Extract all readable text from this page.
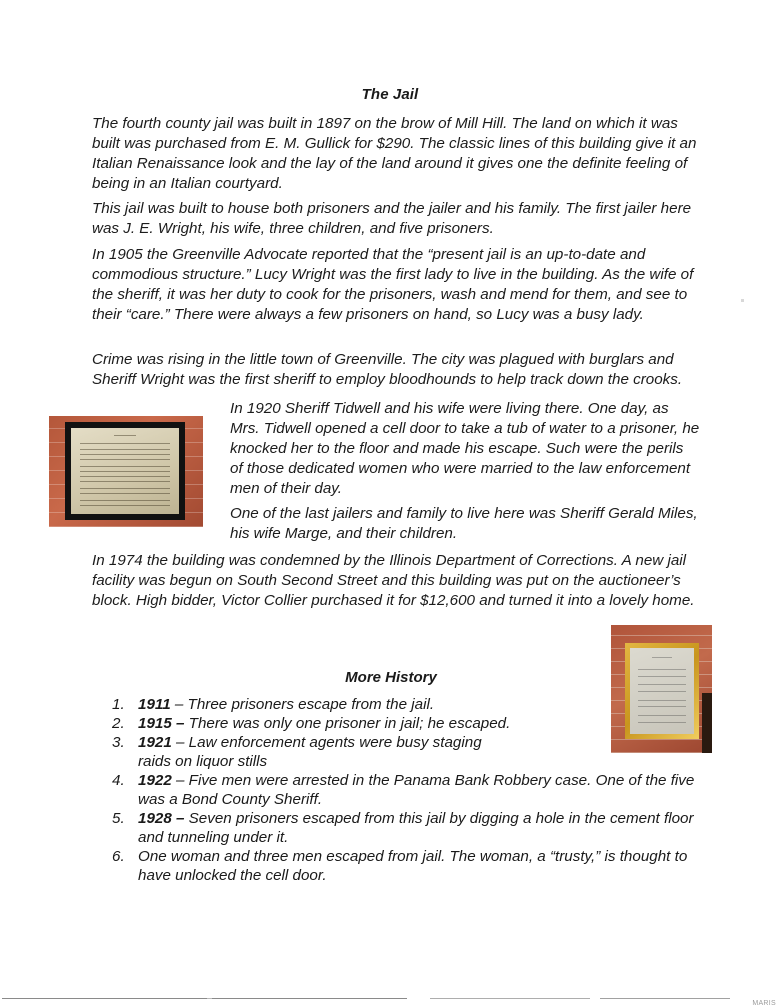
The Jail

The fourth county jail was built in 1897 on the brow of Mill Hill. The land on which it was built was purchased from E. M. Gullick for $290. The classic lines of this building give it an Italian Renaissance look and the lay of the land around it gives one the definite feeling of being in an Italian courtyard.

This jail was built to house both prisoners and the jailer and his family. The first jailer here was J. E. Wright, his wife, three children, and five prisoners.

In 1905 the Greenville Advocate reported that the “present jail is an up-to-date and commodious structure.” Lucy Wright was the first lady to live in the building. As the wife of the sheriff, it was her duty to cook for the prisoners, wash and mend for them, and see to their “care.” There were always a few prisoners on hand, so Lucy was a busy lady.

Crime was rising in the little town of Greenville. The city was plagued with burglars and Sheriff Wright was the first sheriff to employ bloodhounds to help track down the crooks.

In 1920 Sheriff Tidwell and his wife were living there. One day, as Mrs. Tidwell opened a cell door to take a tub of water to a prisoner, he knocked her to the floor and made his escape. Such were the perils of those dedicated women who were married to the law enforcement men of their day.

One of the last jailers and family to live here was Sheriff Gerald Miles, his wife Marge, and their children.

In 1974 the building was condemned by the Illinois Department of Corrections. A new jail facility was begun on South Second Street and this building was put on the auctioneer’s block. High bidder, Victor Collier purchased it for $12,600 and turned it into a lovely home.

More History
1. 1911 – Three prisoners escape from the jail.
2. 1915 – There was only one prisoner in jail; he escaped.
3. 1921 – Law enforcement agents were busy staging raids on liquor stills
4. 1922 – Five men were arrested in the Panama Bank Robbery case. One of the five was a Bond County Sheriff.
5. 1928 – Seven prisoners escaped from this jail by digging a hole in the cement floor and tunneling under it.
6. One woman and three men escaped from jail. The woman, a “trusty,” is thought to have unlocked the cell door.
MARIS
